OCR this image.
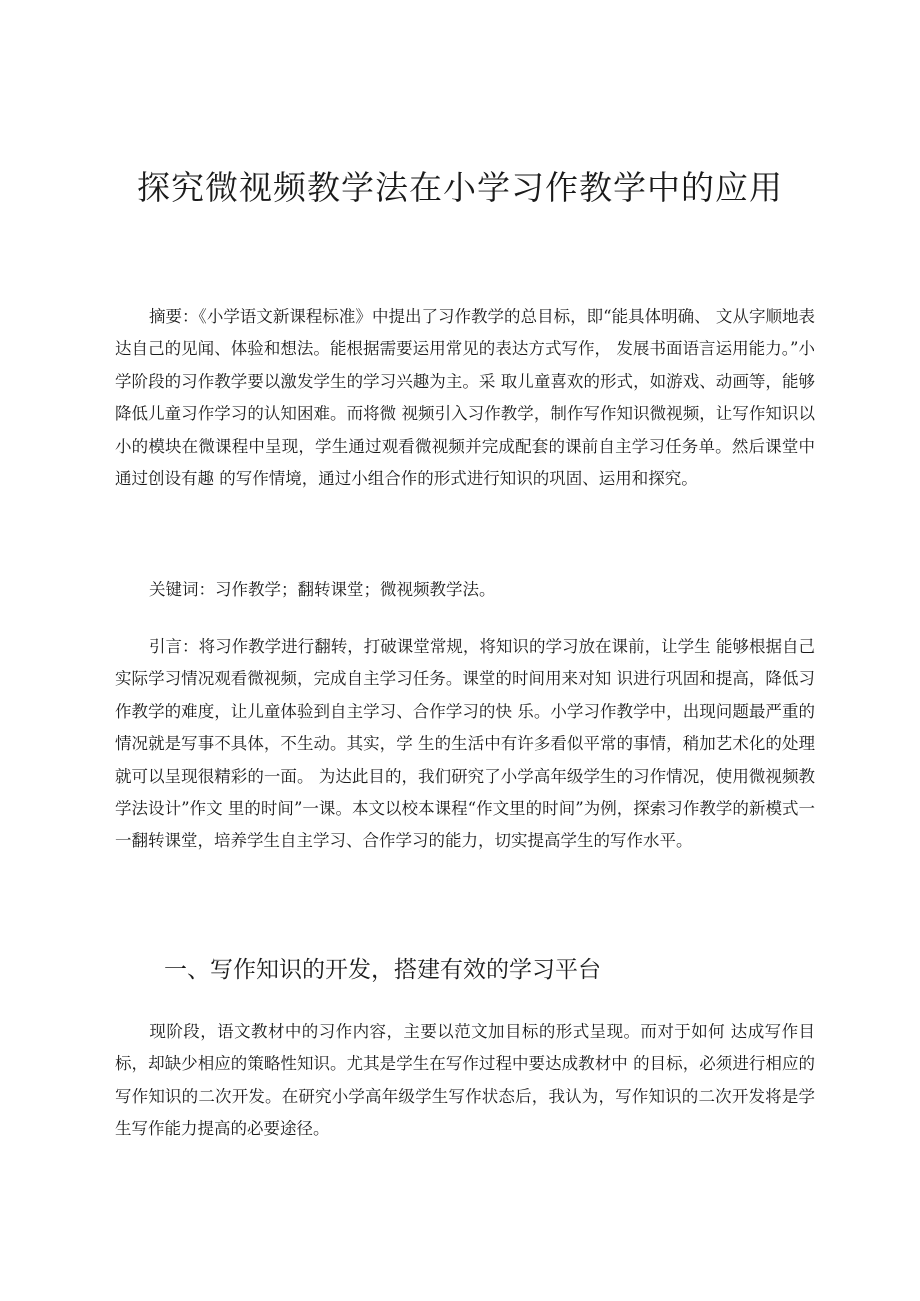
探究微视频教学法在小学习作教学中的应用

摘要：《小学语文新课程标准》中提出了习作教学的总目标，即“能具体明确、 文从字顺地表达自己的见闻、体验和想法。能根据需要运用常见的表达方式写作， 发展书面语言运用能力。”小学阶段的习作教学要以激发学生的学习兴趣为主。采 取儿童喜欢的形式，如游戏、动画等，能够降低儿童习作学习的认知困难。而将微 视频引入习作教学，制作写作知识微视频，让写作知识以小的模块在微课程中呈现，学生通过观看微视频并完成配套的课前自主学习任务单。然后课堂中通过创设有趣 的写作情境，通过小组合作的形式进行知识的巩固、运用和探究。

关键词：习作教学；翻转课堂；微视频教学法。

引言：将习作教学进行翻转，打破课堂常规，将知识的学习放在课前，让学生 能够根据自己实际学习情况观看微视频，完成自主学习任务。课堂的时间用来对知 识进行巩固和提高，降低习作教学的难度，让儿童体验到自主学习、合作学习的快 乐。小学习作教学中，出现问题最严重的情况就是写事不具体，不生动。其实，学 生的生活中有许多看似平常的事情，稍加艺术化的处理就可以呈现很精彩的一面。 为达此目的，我们研究了小学高年级学生的习作情况，使用微视频教学法设计”作文 里的时间”一课。本文以校本课程“作文里的时间”为例，探索习作教学的新模式一 一翻转课堂，培养学生自主学习、合作学习的能力，切实提高学生的写作水平。

一、写作知识的开发，搭建有效的学习平台

现阶段，语文教材中的习作内容，主要以范文加目标的形式呈现。而对于如何 达成写作目标，却缺少相应的策略性知识。尤其是学生在写作过程中要达成教材中 的目标，必须进行相应的写作知识的二次开发。在研究小学高年级学生写作状态后，我认为，写作知识的二次开发将是学生写作能力提高的必要途径。
